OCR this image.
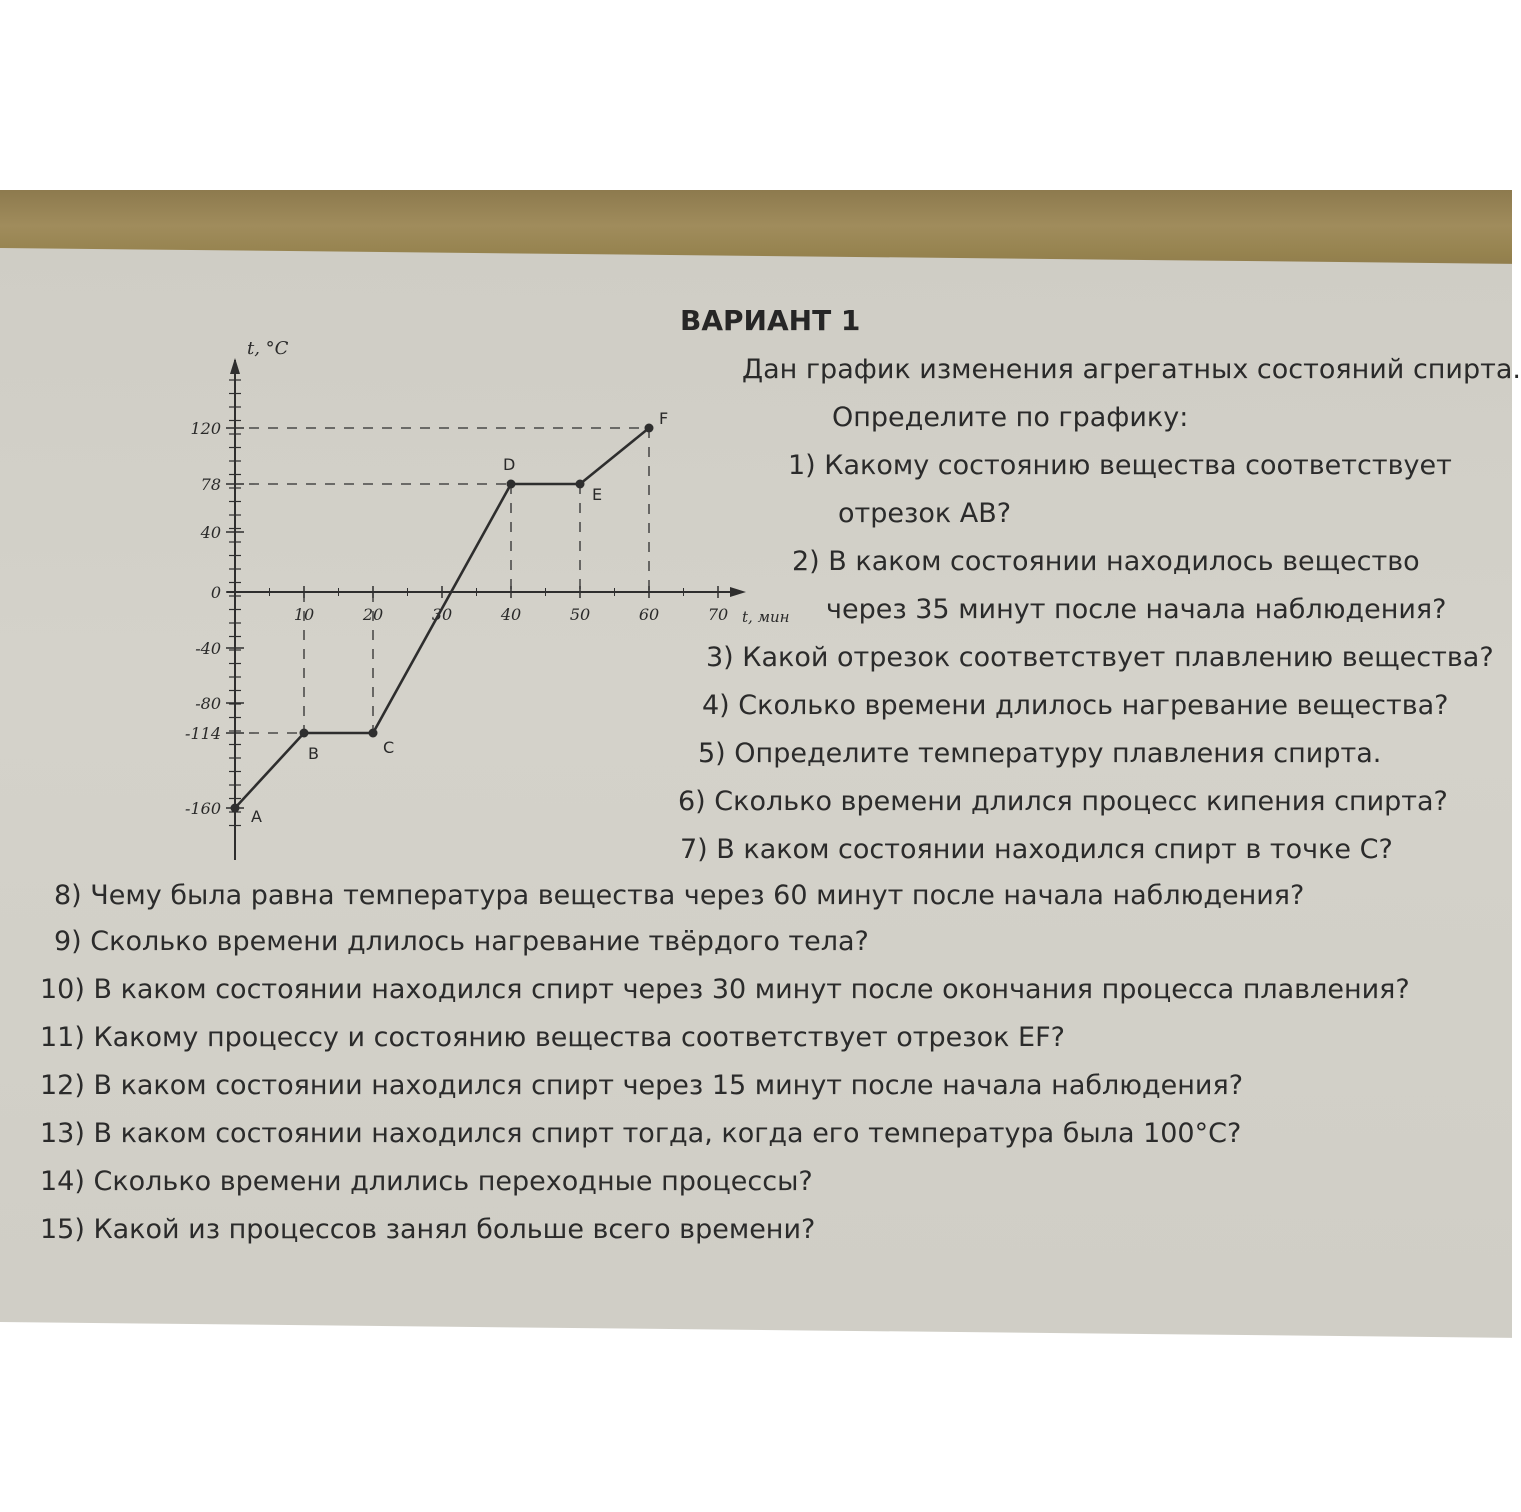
ВАРИАНТ 1
Дан график изменения агрегатных состояний спирта.
Определите по графику:
120
78
40
0
-40
-80
-114
-160
10	20	30	40	50	60	70
t, °C
t, мин
A
B	C
D
E
F
1) Какому состоянию вещества соответствует
отрезок АВ?
2) В каком состоянии находилось вещество
через 35 минут после начала наблюдения?
3) Какой отрезок соответствует плавлению вещества?
4) Сколько времени длилось нагревание вещества?
5) Определите температуру плавления спирта.
6) Сколько времени длился процесс кипения спирта?
7) В каком состоянии находился спирт в точке С?
8) Чему была равна температура вещества через 60 минут после начала наблюдения?
9) Сколько времени длилось нагревание твёрдого тела?
10) В каком состоянии находился спирт через 30 минут после окончания процесса плавления?
11) Какому процессу и состоянию вещества соответствует отрезок EF?
12) В каком состоянии находился спирт через 15 минут после начала наблюдения?
13) В каком состоянии находился спирт тогда, когда его температура была 100°С?
14) Сколько времени длились переходные процессы?
15) Какой из процессов занял больше всего времени?
